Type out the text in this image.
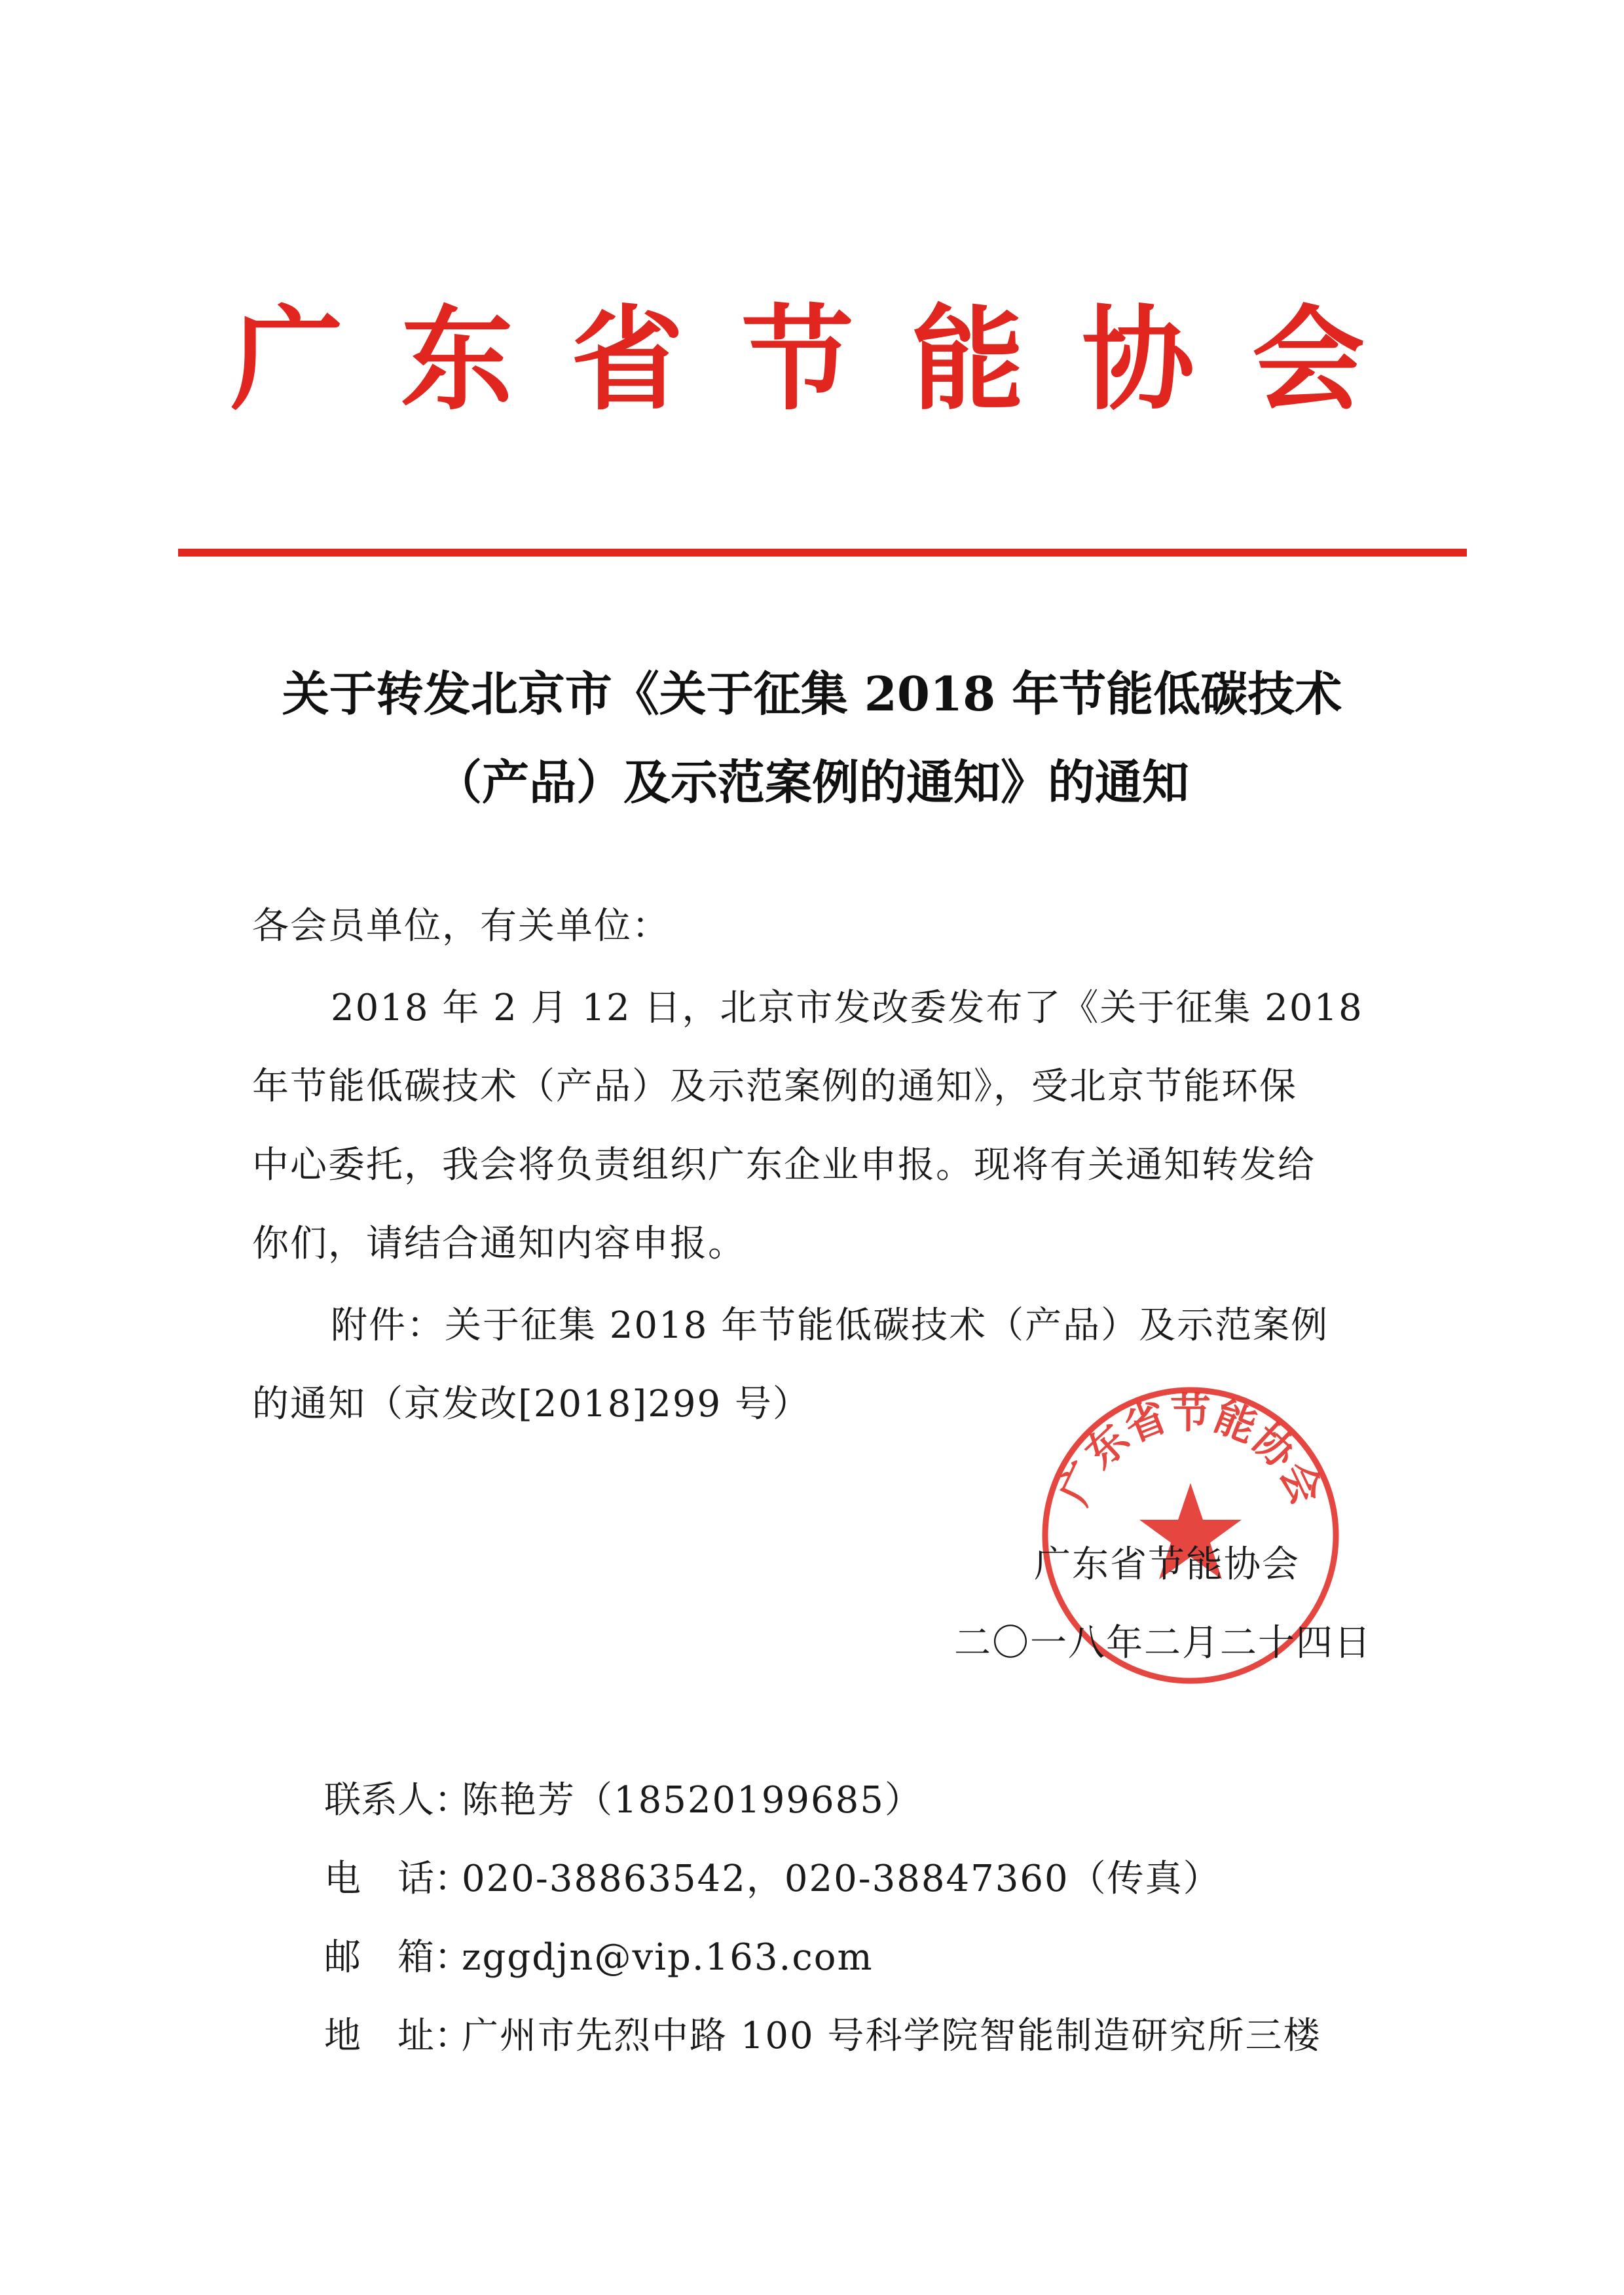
广东省节能协会
关于转发北京市《关于征集 2018 年节能低碳技术
（产品）及示范案例的通知》的通知
各会员单位，有关单位：
2018 年 2 月 12 日，北京市发改委发布了《关于征集 2018
年节能低碳技术（产品）及示范案例的通知》，受北京节能环保
中心委托，我会将负责组织广东企业申报。现将有关通知转发给
你们，请结合通知内容申报。
附件：关于征集 2018 年节能低碳技术（产品）及示范案例
的通知（京发改[2018]299 号）
广东省节能协会
广东省节能协会
二〇一八年二月二十四日
联系人：陈艳芳（18520199685）
电　话：020-38863542，020-38847360（传真）
邮　箱：zggdjn@vip.163.com
地　址：广州市先烈中路 100 号科学院智能制造研究所三楼
